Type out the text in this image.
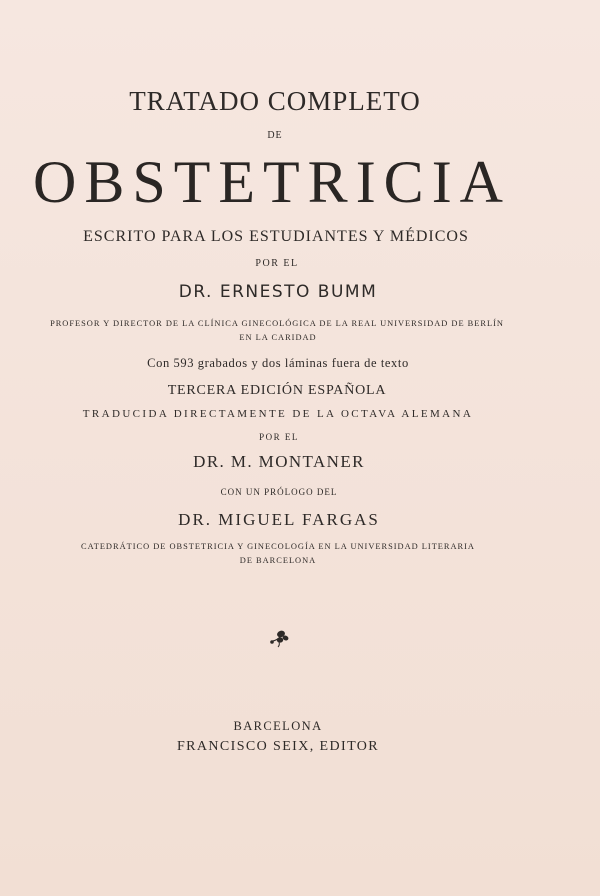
TRATADO COMPLETO
DE
OBSTETRICIA
ESCRITO PARA LOS ESTUDIANTES Y MÉDICOS
POR EL
DR. ERNESTO BUMM
PROFESOR Y DIRECTOR DE LA CLÍNICA GINECOLÓGICA DE LA REAL UNIVERSIDAD DE BERLÍN
EN LA CARIDAD
Con 593 grabados y dos láminas fuera de texto
TERCERA EDICIÓN ESPAÑOLA
TRADUCIDA DIRECTAMENTE DE LA OCTAVA ALEMANA
POR EL
DR. M. MONTANER
CON UN PRÓLOGO DEL
DR. MIGUEL FARGAS
CATEDRÁTICO DE OBSTETRICIA Y GINECOLOGÍA EN LA UNIVERSIDAD LITERARIA
DE BARCELONA
BARCELONA
FRANCISCO SEIX, EDITOR
